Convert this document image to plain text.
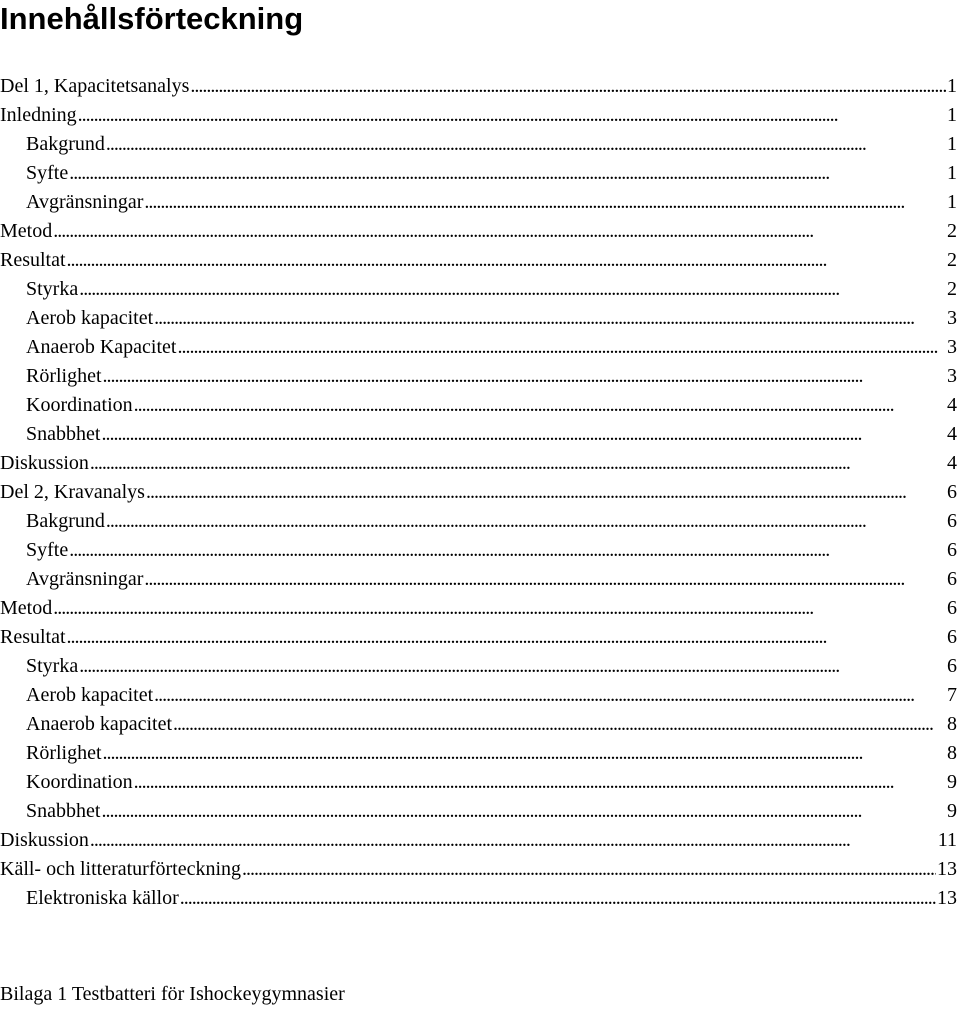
Innehållsförteckning
Del 1, Kapacitetsanalys . . .	1
Inledning . . .	1
Bakgrund . . .	1
Syfte . . .	1
Avgränsningar . . .	1
Metod . . .	2
Resultat . . .	2
Styrka . . .	2
Aerob kapacitet . . .	3
Anaerob Kapacitet . . .	3
Rörlighet . . .	3
Koordination . . .	4
Snabbhet . . .	4
Diskussion . . .	4
Del 2, Kravanalys . . .	6
Bakgrund . . .	6
Syfte . . .	6
Avgränsningar . . .	6
Metod . . .	6
Resultat . . .	6
Styrka . . .	6
Aerob kapacitet . . .	7
Anaerob kapacitet . . .	8
Rörlighet . . .	8
Koordination . . .	9
Snabbhet . . .	9
Diskussion . . .	11
Käll- och litteraturförteckning . . .	13
Elektroniska källor . . .	13
Bilaga 1 Testbatteri för Ishockeygymnasier
